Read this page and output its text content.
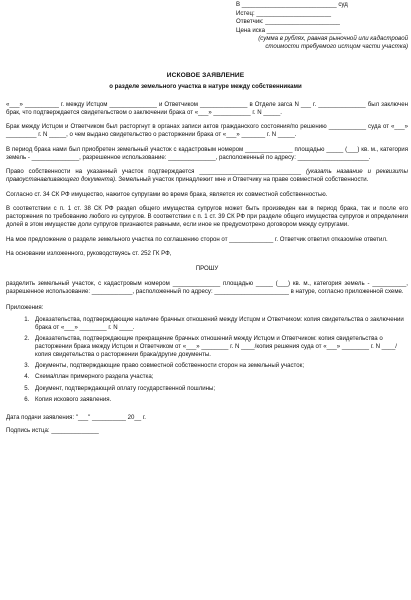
В ____________________________ суд
Истец: ______________________
Ответчик: ______________________
Цена иска ______________________
(сумма в рублях, равная рыночной или кадастровой
стоимости требуемого истцом части участка)
ИСКОВОЕ ЗАЯВЛЕНИЕ
о разделе земельного участка в натуре между собственниками

«___» __________ г. между Истцом ______________ и Ответчиком ______________ в Отделе загса N ___ г. ______________ был заключен брак, что подтверждается свидетельством о заключении брака от «___» ___________ г. N _____.

Брак между Истцом и Ответчиком был расторгнут в органах записи актов гражданского состояния/по решению ___________ суда от «___» _________ г. N _____, о чем выдано свидетельство о расторжении брака от «___» _______ г. N _____.

В период брака нами был приобретен земельный участок с кадастровым номером ______________ площадью _____ (___) кв. м., категория земель - ______________, разрешенное использование: ______________, расположенный по адресу: _____________________.

Право собственности на указанный участок подтверждается ______________________________ (указать название и реквизиты правоустанавливающего документа). Земельный участок принадлежит мне и Ответчику на праве совместной собственности.

Согласно ст. 34 СК РФ имущество, нажитое супругами во время брака, является их совместной собственностью.

В соответствии с п. 1 ст. 38 СК РФ раздел общего имущества супругов может быть произведен как в период брака, так и после его расторжения по требованию любого из супругов. В соответствии с п. 1 ст. 39 СК РФ при разделе общего имущества супругов и определении долей в этом имуществе доли супругов признаются равными, если иное не предусмотрено договором между супругами.

На мое предложение о разделе земельного участка по соглашению сторон от _____________ г. Ответчик ответил отказом/не ответил.

На основании изложенного, руководствуясь ст. 252 ГК РФ,

ПРОШУ

разделить земельный участок, с кадастровым номером ______________ площадью _____ (___) кв. м., категория земель - __________, разрешенное использование: ____________, расположенный по адресу: ______________________ в натуре, согласно приложенной схеме.

Приложения:
1. Доказательства, подтверждающие наличие брачных отношений между Истцом и Ответчиком: копия свидетельства о заключении брака от «___» ________ г. N ____.
2. Доказательства, подтверждающие прекращение брачных отношений между Истцом и Ответчиком: копия свидетельства о расторжении брака между Истцом и Ответчиком от «___» ________ г. N ____/копия решения суда от «___» ________ г. N ____/копия свидетельства о расторжении брака/другие документы.
3. Документы, подтверждающие право совместной собственности сторон на земельный участок;
4. Схема/план примерного раздела участка;
5. Документ, подтверждающий оплату государственной пошлины;
6. Копия искового заявления.
Дата подачи заявления: "___" __________ 20__ г.
Подпись истца: ______________
